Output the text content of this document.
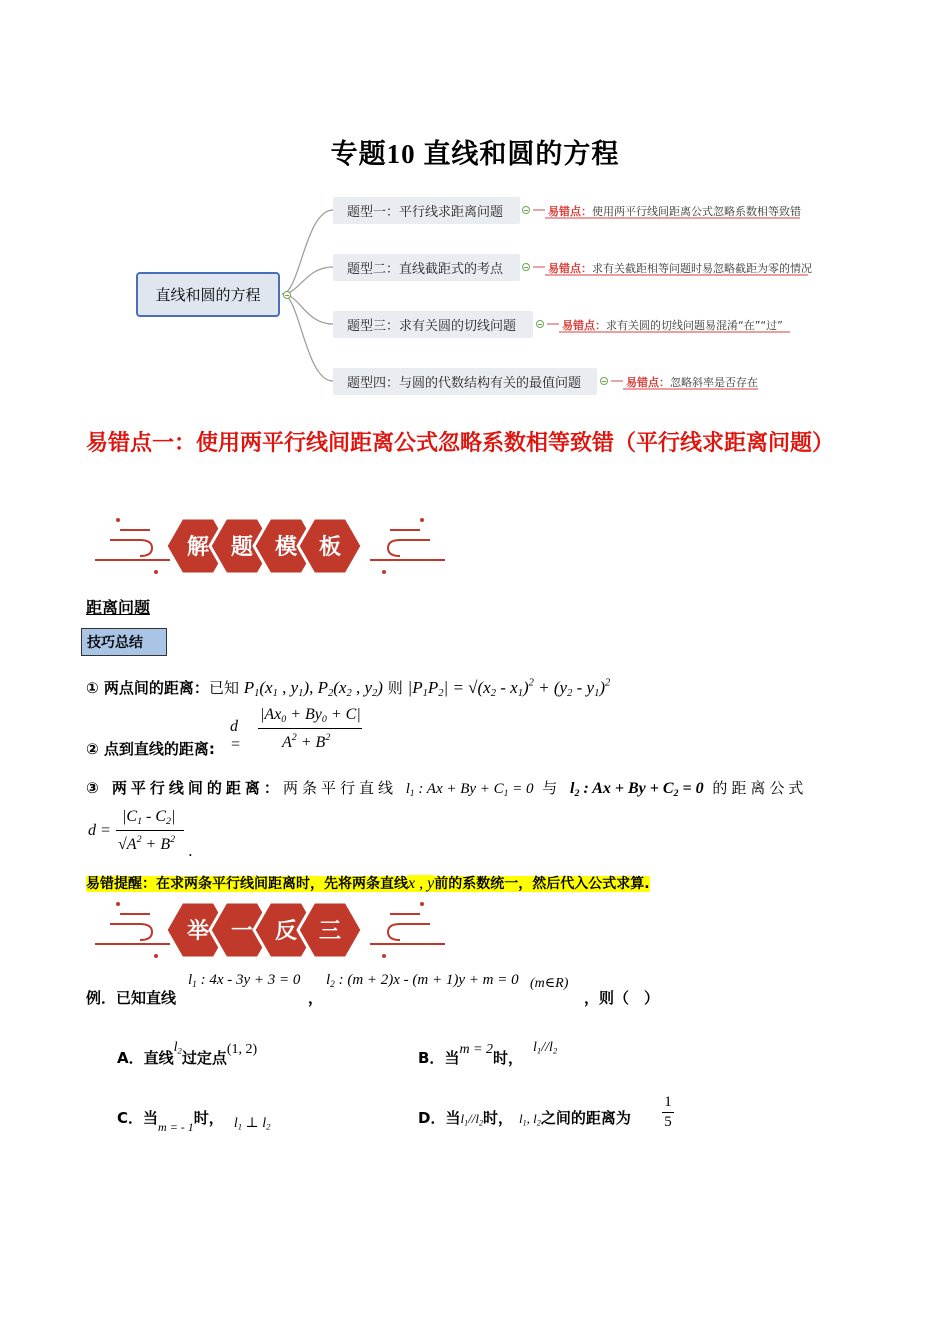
专题10 直线和圆的方程
直线和圆的方程
题型一：平行线求距离问题	易错点：使用两平行线间距离公式忽略系数相等致错
题型二：直线截距式的考点	易错点：求有关截距相等问题时易忽略截距为零的情况
题型三：求有关圆的切线问题	易错点：求有关圆的切线问题易混淆“在”“过”
题型四：与圆的代数结构有关的最值问题	易错点：忽略斜率是否存在
易错点一：使用两平行线间距离公式忽略系数相等致错（平行线求距离问题）
解 题 模 板
距离问题
技巧总结
① 两点间的距离：已知 $P_1(x_1$ , $y_1$), $P_2(x_2$ , $y_2$) 则 $|P_1P_2| = √(x_2 - x_1)^2 + (y_2 - y_1)^2$
② 点到直线的距离:
d =
$|Ax_0 + By_0 + C|$
$A^2 + B^2$
③ 两平行线间的距离：两条平行直线 $l_1$ : $Ax + By + C_1 = 0$ 与 $l_2$ : $Ax + By + C_2 = 0$ 的距离公式
d =
$|C_1 - C_2|$
$√A^2 + B^2$
.
易错提醒：在求两条平行线间距离时，先将两条直线x , y前的系数统一，然后代入公式求算.
举 一 反 三
例．已知直线
$l_1$ : 4x - 3y + 3 = 0
，
$l_2$ : (m + 2)x - (m + 1)y + m = 0 (m∈R)
，则（　）
A．直线$l_2$过定点(1, 2)	B．当m = 2时，$l_1//l_2$
C．当$_{m = - 1}$时， $l_1$ ⊥ $l_2$	D．当$l_1//l_2$时， $l_1$, $l_2$之间的距离为
1
5
